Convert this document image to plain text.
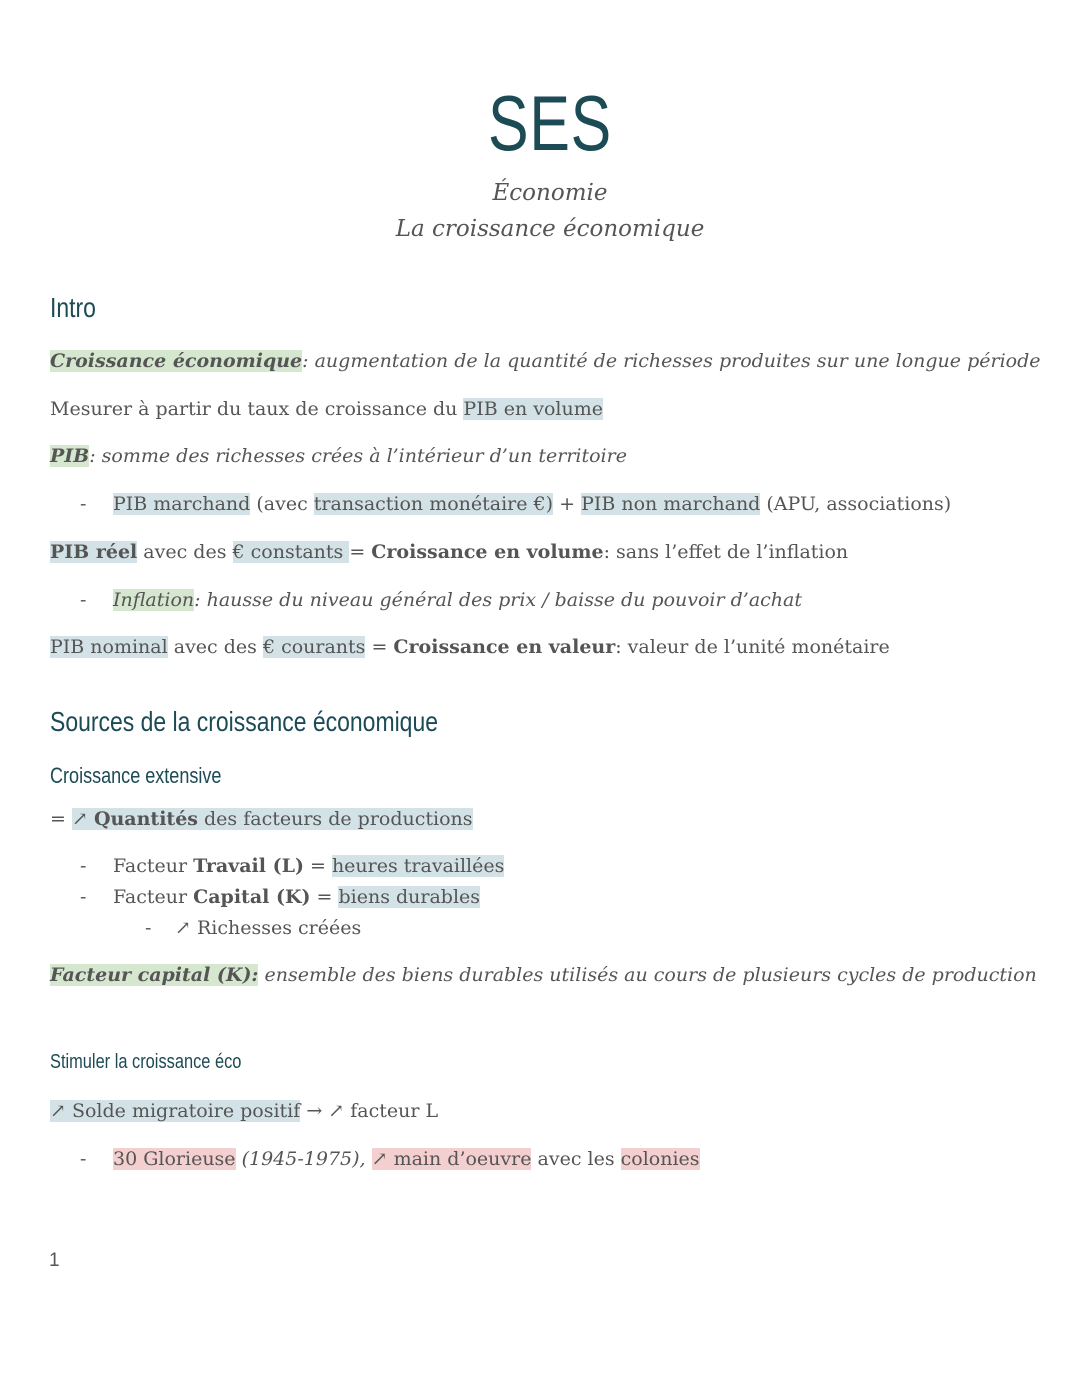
SES
Économie
La croissance économique
Intro
Croissance économique: augmentation de la quantité de richesses produites sur une longue période
Mesurer à partir du taux de croissance du PIB en volume
PIB: somme des richesses crées à l’intérieur d’un territoire
- PIB marchand (avec transaction monétaire €) + PIB non marchand (APU, associations)
PIB réel avec des € constants = Croissance en volume: sans l’effet de l’inflation
- Inflation: hausse du niveau général des prix / baisse du pouvoir d’achat
PIB nominal avec des € courants = Croissance en valeur: valeur de l’unité monétaire
Sources de la croissance économique
Croissance extensive
= ↗ Quantités des facteurs de productions
- Facteur Travail (L) = heures travaillées
- Facteur Capital (K) = biens durables
- ↗ Richesses créées
Facteur capital (K): ensemble des biens durables utilisés au cours de plusieurs cycles de production
Stimuler la croissance éco
↗ Solde migratoire positif → ↗ facteur L
- 30 Glorieuse (1945-1975), ↗ main d’oeuvre avec les colonies
1
